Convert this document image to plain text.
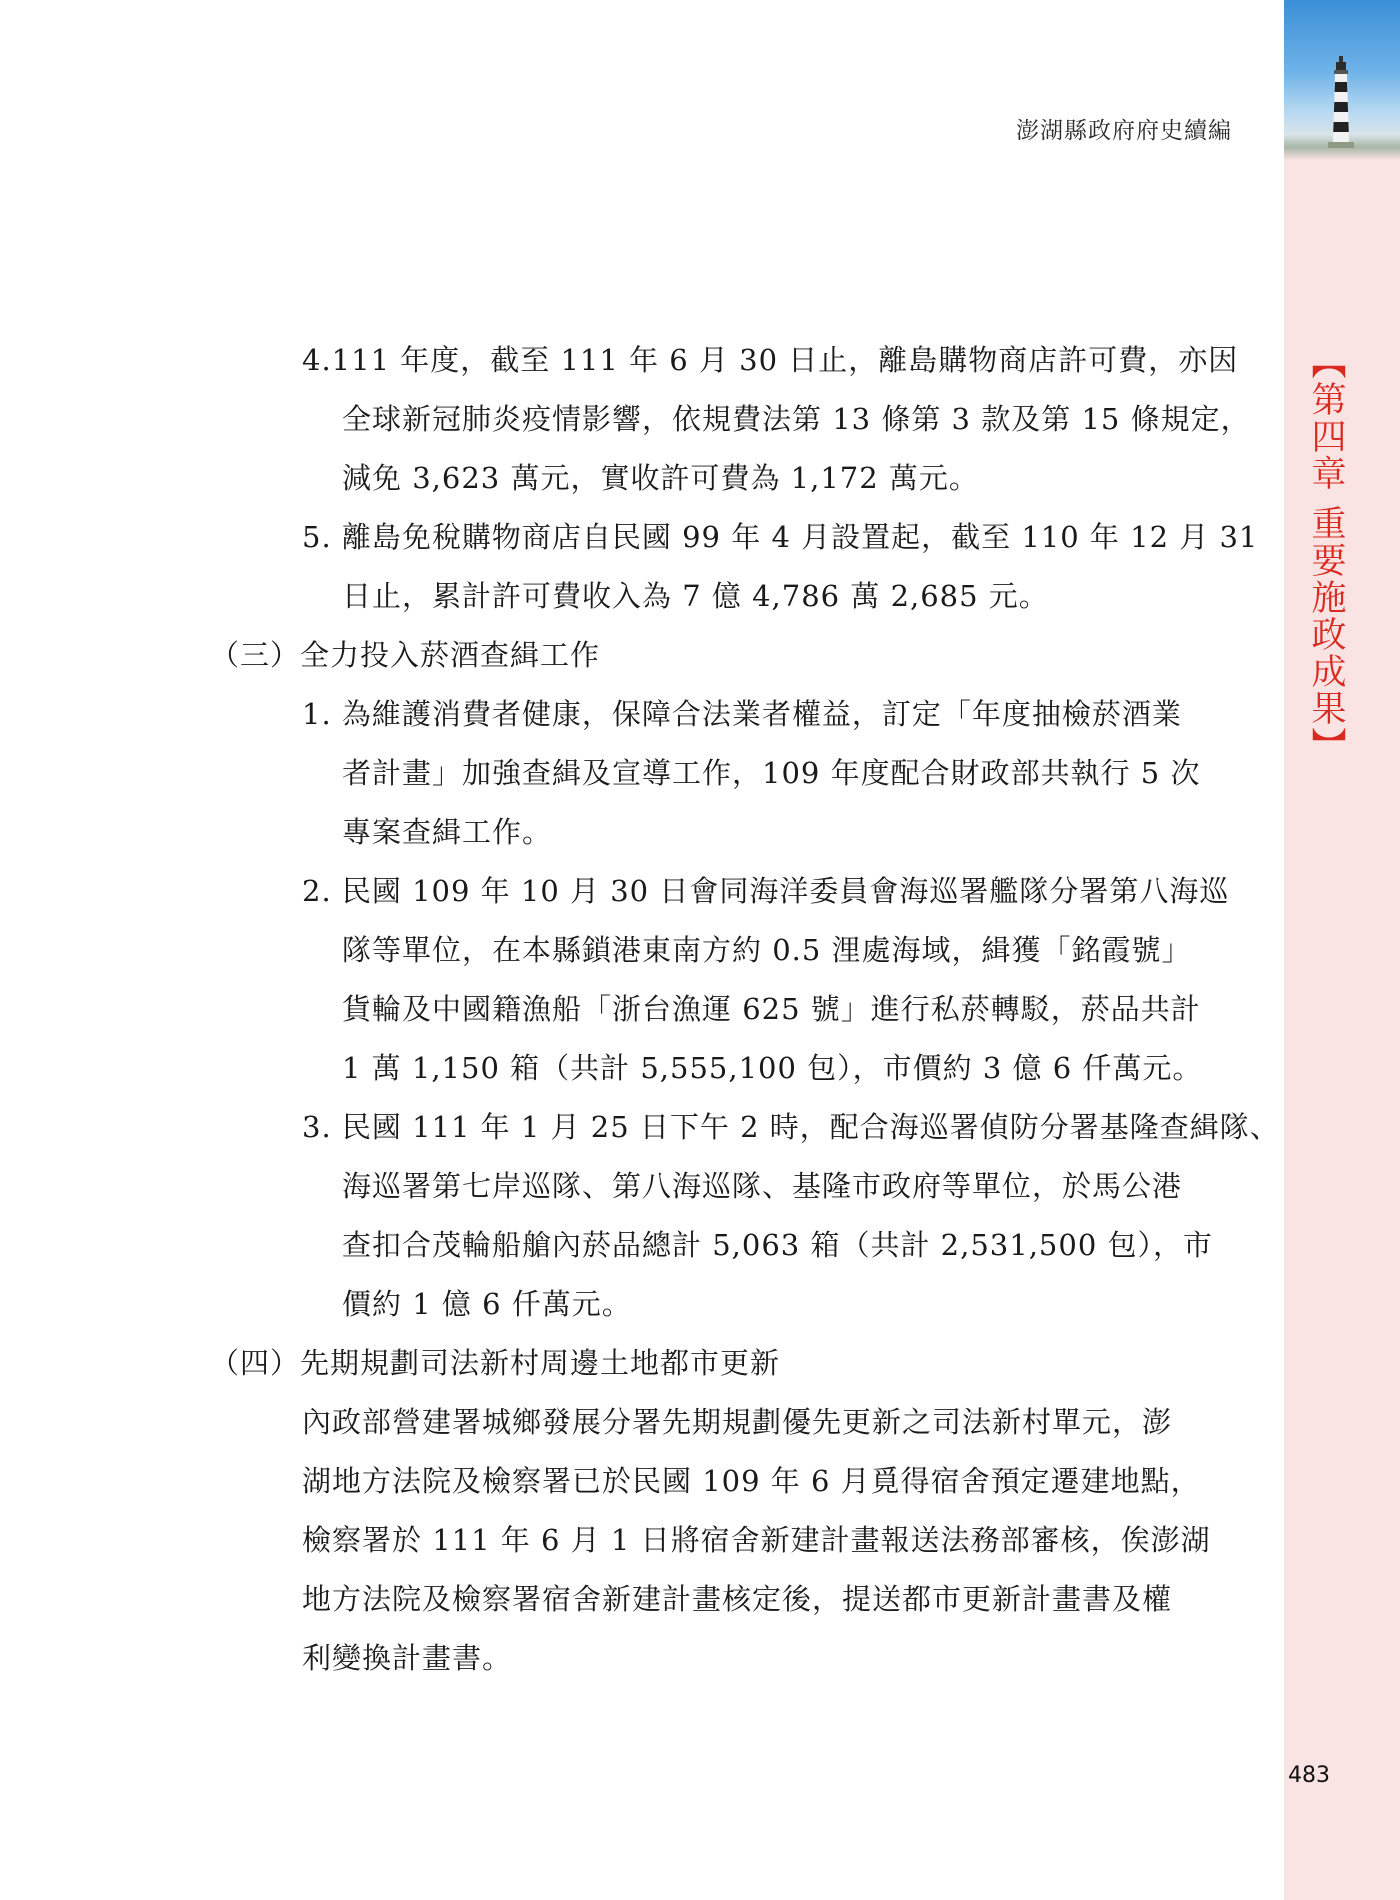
【第四章 重要施政成果】
澎湖縣政府府史續編
4.111 年度，截至 111 年 6 月 30 日止，離島購物商店許可費，亦因
全球新冠肺炎疫情影響，依規費法第 13 條第 3 款及第 15 條規定，
減免 3,623 萬元，實收許可費為 1,172 萬元。
5. 離島免稅購物商店自民國 99 年 4 月設置起，截至 110 年 12 月 31
日止，累計許可費收入為 7 億 4,786 萬 2,685 元。
（三）全力投入菸酒查緝工作
1. 為維護消費者健康，保障合法業者權益，訂定「年度抽檢菸酒業
者計畫」加強查緝及宣導工作，109 年度配合財政部共執行 5 次
專案查緝工作。
2. 民國 109 年 10 月 30 日會同海洋委員會海巡署艦隊分署第八海巡
隊等單位，在本縣鎖港東南方約 0.5 浬處海域，緝獲「銘霞號」
貨輪及中國籍漁船「浙台漁運 625 號」進行私菸轉駁，菸品共計
1 萬 1,150 箱（共計 5,555,100 包），市價約 3 億 6 仟萬元。
3. 民國 111 年 1 月 25 日下午 2 時，配合海巡署偵防分署基隆查緝隊、
海巡署第七岸巡隊、第八海巡隊、基隆市政府等單位，於馬公港
查扣合茂輪船艙內菸品總計 5,063 箱（共計 2,531,500 包），市
價約 1 億 6 仟萬元。
（四）先期規劃司法新村周邊土地都市更新
內政部營建署城鄉發展分署先期規劃優先更新之司法新村單元，澎
湖地方法院及檢察署已於民國 109 年 6 月覓得宿舍預定遷建地點，
檢察署於 111 年 6 月 1 日將宿舍新建計畫報送法務部審核，俟澎湖
地方法院及檢察署宿舍新建計畫核定後，提送都市更新計畫書及權
利變換計畫書。
483
